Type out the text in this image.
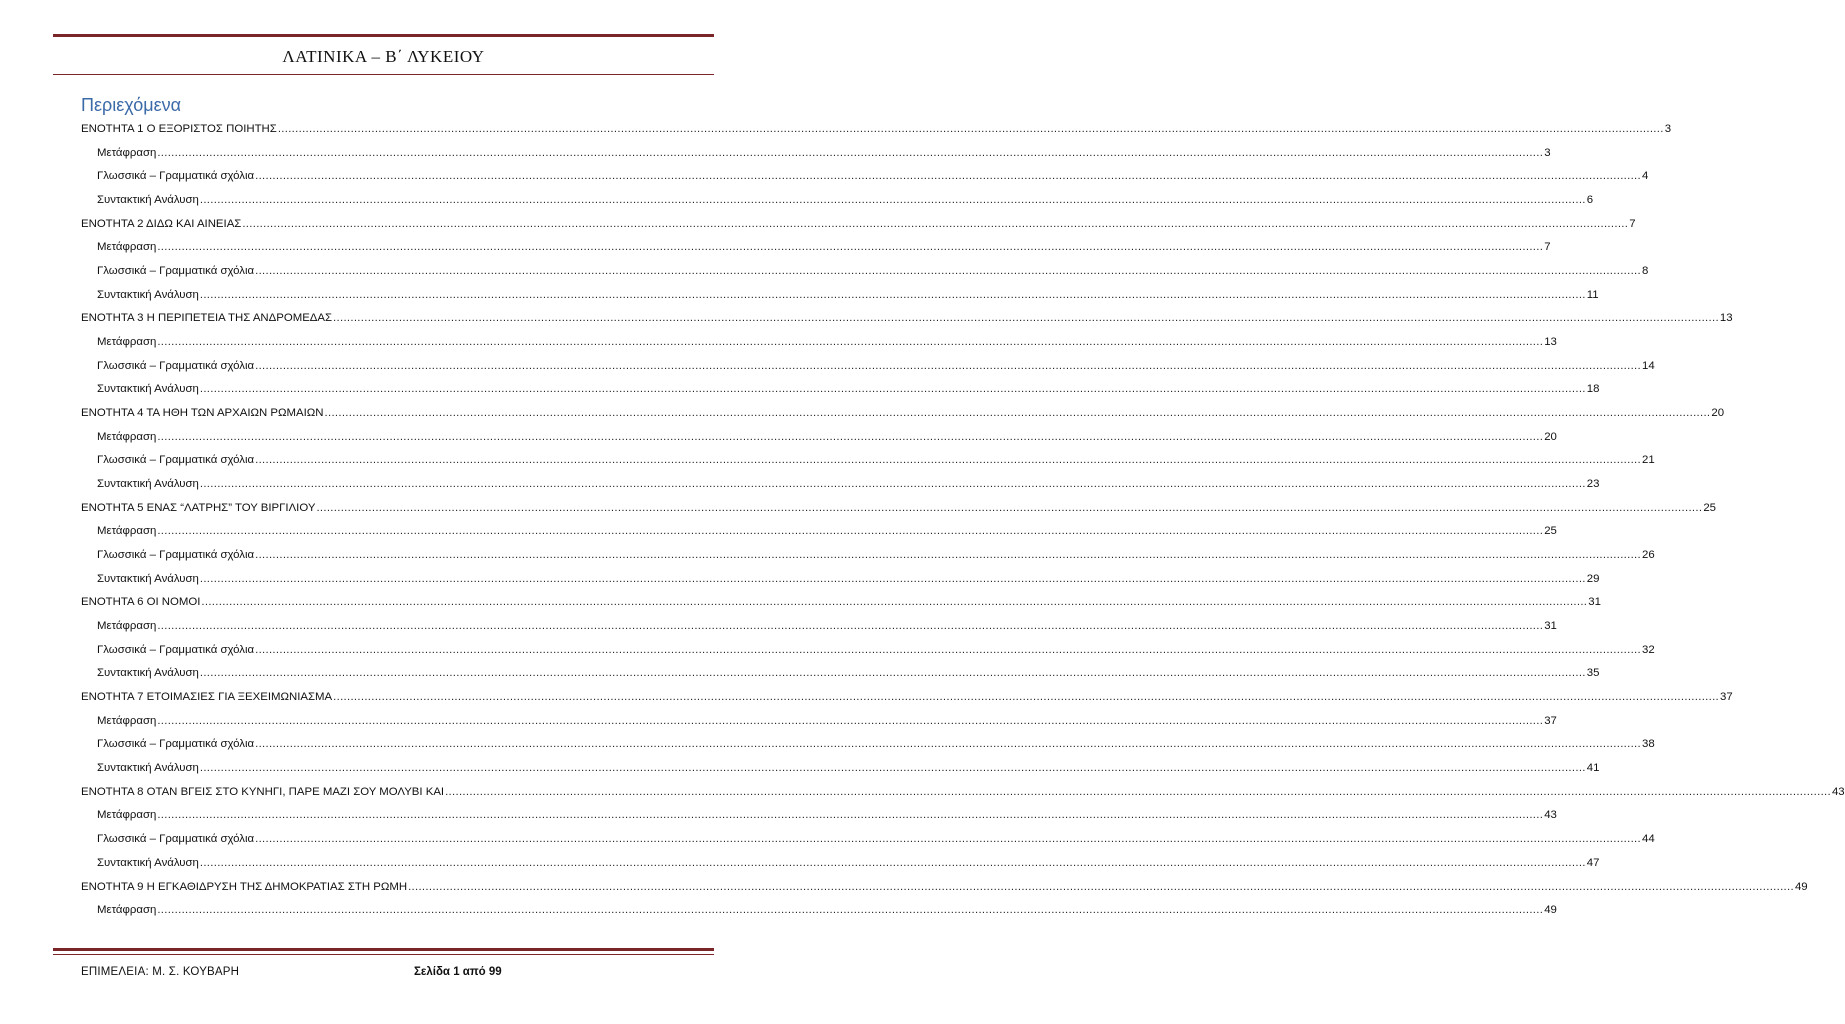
ΛΑΤΙΝΙΚΑ – Β΄ ΛΥΚΕΙΟΥ
Περιεχόμενα
ΕΝΟΤΗΤΑ 1 Ο ΕΞΟΡΙΣΤΟΣ ΠΟΙΗΤΗΣ ................................................................................................................................................................................................................................................................................................................................................................................................................ 3
Μετάφραση ................................................................................................................................................................................................................................................................................................................................................................................................................ 3
Γλωσσικά – Γραμματικά σχόλια ................................................................................................................................................................................................................................................................................................................................................................................................................ 4
Συντακτική Ανάλυση ................................................................................................................................................................................................................................................................................................................................................................................................................ 6
ΕΝΟΤΗΤΑ 2 ΔΙΔΩ ΚΑΙ ΑΙΝΕΙΑΣ ................................................................................................................................................................................................................................................................................................................................................................................................................ 7
Μετάφραση ................................................................................................................................................................................................................................................................................................................................................................................................................ 7
Γλωσσικά – Γραμματικά σχόλια ................................................................................................................................................................................................................................................................................................................................................................................................................ 8
Συντακτική Ανάλυση ................................................................................................................................................................................................................................................................................................................................................................................................................ 11
ΕΝΟΤΗΤΑ 3 Η ΠΕΡΙΠΕΤΕΙΑ ΤΗΣ ΑΝΔΡΟΜΕΔΑΣ ................................................................................................................................................................................................................................................................................................................................................................................................................ 13
Μετάφραση ................................................................................................................................................................................................................................................................................................................................................................................................................ 13
Γλωσσικά – Γραμματικά σχόλια ................................................................................................................................................................................................................................................................................................................................................................................................................ 14
Συντακτική Ανάλυση ................................................................................................................................................................................................................................................................................................................................................................................................................ 18
ΕΝΟΤΗΤΑ 4 ΤΑ ΗΘΗ ΤΩΝ ΑΡΧΑΙΩΝ ΡΩΜΑΙΩΝ ................................................................................................................................................................................................................................................................................................................................................................................................................ 20
Μετάφραση ................................................................................................................................................................................................................................................................................................................................................................................................................ 20
Γλωσσικά – Γραμματικά σχόλια ................................................................................................................................................................................................................................................................................................................................................................................................................ 21
Συντακτική Ανάλυση ................................................................................................................................................................................................................................................................................................................................................................................................................ 23
ΕΝΟΤΗΤΑ 5 ΕΝΑΣ “ΛΑΤΡΗΣ” ΤΟΥ ΒΙΡΓΙΛΙΟΥ ................................................................................................................................................................................................................................................................................................................................................................................................................ 25
Μετάφραση ................................................................................................................................................................................................................................................................................................................................................................................................................ 25
Γλωσσικά – Γραμματικά σχόλια ................................................................................................................................................................................................................................................................................................................................................................................................................ 26
Συντακτική Ανάλυση ................................................................................................................................................................................................................................................................................................................................................................................................................ 29
ΕΝΟΤΗΤΑ 6 ΟΙ ΝΟΜΟΙ ................................................................................................................................................................................................................................................................................................................................................................................................................ 31
Μετάφραση ................................................................................................................................................................................................................................................................................................................................................................................................................ 31
Γλωσσικά – Γραμματικά σχόλια ................................................................................................................................................................................................................................................................................................................................................................................................................ 32
Συντακτική Ανάλυση ................................................................................................................................................................................................................................................................................................................................................................................................................ 35
ΕΝΟΤΗΤΑ 7 ΕΤΟΙΜΑΣΙΕΣ ΓΙΑ ΞΕΧΕΙΜΩΝΙΑΣΜΑ ................................................................................................................................................................................................................................................................................................................................................................................................................ 37
Μετάφραση ................................................................................................................................................................................................................................................................................................................................................................................................................ 37
Γλωσσικά – Γραμματικά σχόλια ................................................................................................................................................................................................................................................................................................................................................................................................................ 38
Συντακτική Ανάλυση ................................................................................................................................................................................................................................................................................................................................................................................................................ 41
ΕΝΟΤΗΤΑ 8 ΟΤΑΝ ΒΓΕΙΣ ΣΤΟ ΚΥΝΗΓΙ, ΠΑΡΕ ΜΑΖΙ ΣΟΥ ΜΟΛΥΒΙ ΚΑΙ ................................................................................................................................................................................................................................................................................................................................................................................................................ 43
Μετάφραση ................................................................................................................................................................................................................................................................................................................................................................................................................ 43
Γλωσσικά – Γραμματικά σχόλια ................................................................................................................................................................................................................................................................................................................................................................................................................ 44
Συντακτική Ανάλυση ................................................................................................................................................................................................................................................................................................................................................................................................................ 47
ΕΝΟΤΗΤΑ 9 Η ΕΓΚΑΘΙΔΡΥΣΗ ΤΗΣ ΔΗΜΟΚΡΑΤΙΑΣ ΣΤΗ ΡΩΜΗ ................................................................................................................................................................................................................................................................................................................................................................................................................ 49
Μετάφραση ................................................................................................................................................................................................................................................................................................................................................................................................................ 49
ΕΠΙΜΕΛΕΙΑ: Μ. Σ. ΚΟΥΒΑΡΗ	Σελίδα 1 από 99
